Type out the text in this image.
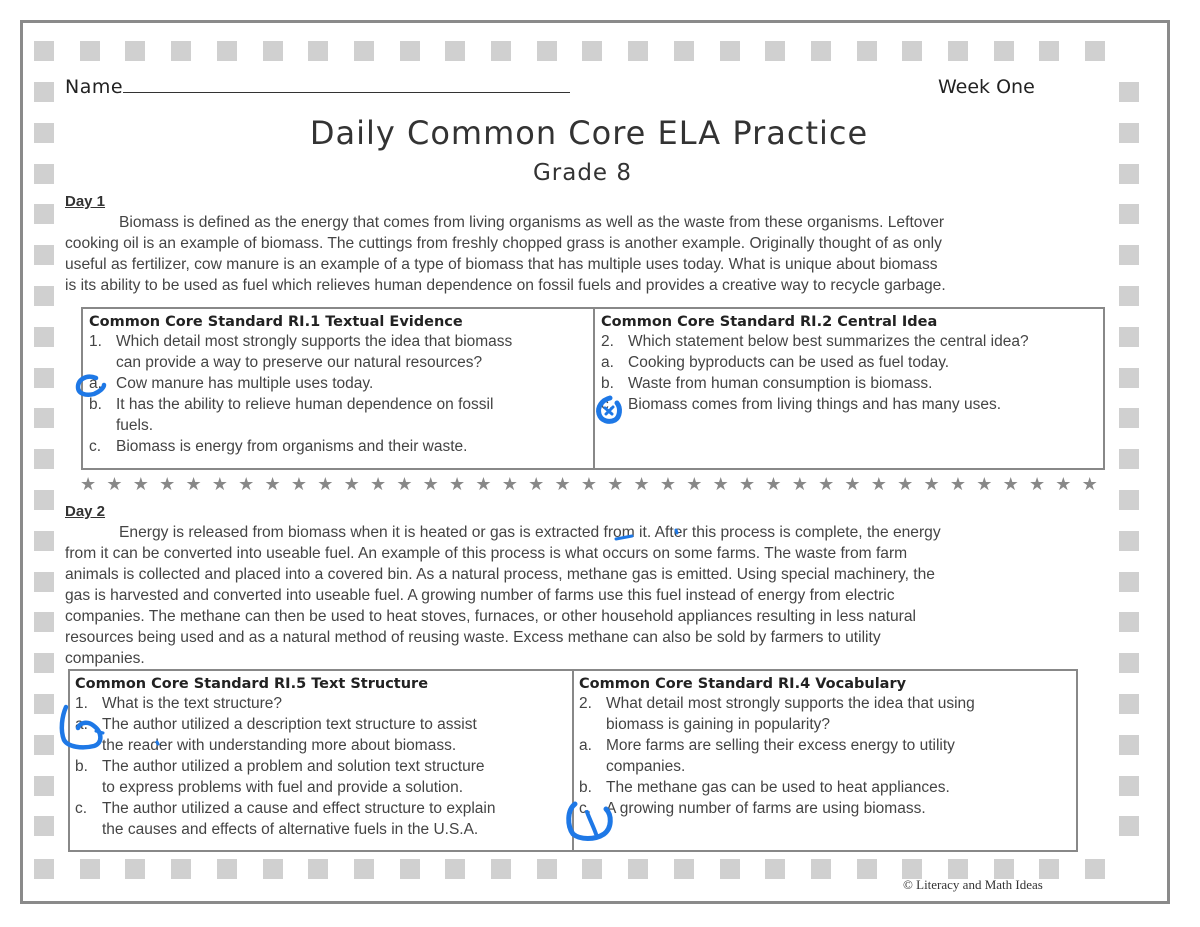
Name	Week One
Daily Common Core ELA Practice
Grade 8
Day 1
Biomass is defined as the energy that comes from living organisms as well as the waste from these organisms. Leftover
cooking oil is an example of biomass. The cuttings from freshly chopped grass is another example. Originally thought of as only
useful as fertilizer, cow manure is an example of a type of biomass that has multiple uses today. What is unique about biomass
is its ability to be used as fuel which relieves human dependence on fossil fuels and provides a creative way to recycle garbage.
Common Core Standard RI.1 Textual Evidence
1. Which detail most strongly supports the idea that biomass
can provide a way to preserve our natural resources?
a. Cow manure has multiple uses today.
b. It has the ability to relieve human dependence on fossil
fuels.
c. Biomass is energy from organisms and their waste.
Common Core Standard RI.2 Central Idea
2. Which statement below best summarizes the central idea?
a. Cooking byproducts can be used as fuel today.
b. Waste from human consumption is biomass.
c. Biomass comes from living things and has many uses.
★ ★ ★ ★ ★ ★ ★ ★ ★ ★ ★ ★ ★ ★ ★ ★ ★ ★ ★ ★ ★ ★ ★ ★ ★ ★ ★ ★ ★ ★ ★ ★ ★ ★ ★ ★ ★ ★ ★
Day 2
Energy is released from biomass when it is heated or gas is extracted from it. After this process is complete, the energy
from it can be converted into useable fuel. An example of this process is what occurs on some farms. The waste from farm
animals is collected and placed into a covered bin. As a natural process, methane gas is emitted. Using special machinery, the
gas is harvested and converted into useable fuel. A growing number of farms use this fuel instead of energy from electric
companies. The methane can then be used to heat stoves, furnaces, or other household appliances resulting in less natural
resources being used and as a natural method of reusing waste. Excess methane can also be sold by farmers to utility
companies.
Common Core Standard RI.5 Text Structure
1. What is the text structure?
a. The author utilized a description text structure to assist
the reader with understanding more about biomass.
b. The author utilized a problem and solution text structure
to express problems with fuel and provide a solution.
c. The author utilized a cause and effect structure to explain
the causes and effects of alternative fuels in the U.S.A.
Common Core Standard RI.4 Vocabulary
2. What detail most strongly supports the idea that using
biomass is gaining in popularity?
a. More farms are selling their excess energy to utility
companies.
b. The methane gas can be used to heat appliances.
c. A growing number of farms are using biomass.
© Literacy and Math Ideas
